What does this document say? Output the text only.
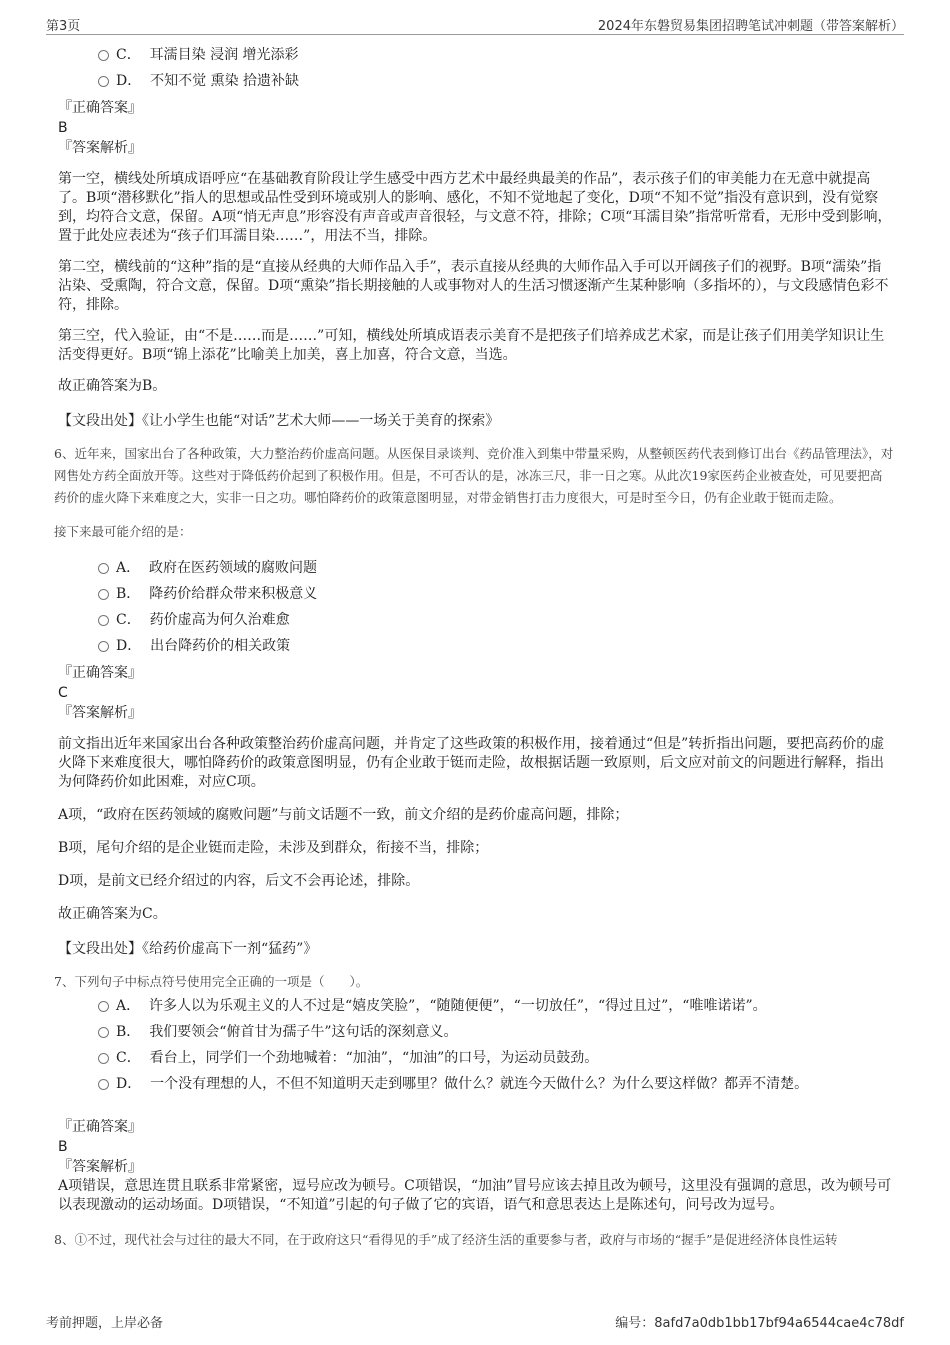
第3页	2024年东磐贸易集团招聘笔试冲刺题（带答案解析）
C． 耳濡目染 浸润 增光添彩
D． 不知不觉 熏染 拾遗补缺
『正确答案』
B
『答案解析』

第一空，横线处所填成语呼应“在基础教育阶段让学生感受中西方艺术中最经典最美的作品”，表示孩子们的审美能力在无意中就提高了。B项“潜移默化”指人的思想或品性受到环境或别人的影响、感化，不知不觉地起了变化，D项“不知不觉”指没有意识到，没有觉察到，均符合文意，保留。A项“悄无声息”形容没有声音或声音很轻，与文意不符，排除；C项“耳濡目染”指常听常看，无形中受到影响，置于此处应表述为“孩子们耳濡目染……”，用法不当，排除。

第二空，横线前的“这种”指的是“直接从经典的大师作品入手”，表示直接从经典的大师作品入手可以开阔孩子们的视野。B项“濡染”指沾染、受熏陶，符合文意，保留。D项“熏染”指长期接触的人或事物对人的生活习惯逐渐产生某种影响（多指坏的），与文段感情色彩不符，排除。

第三空，代入验证，由“不是……而是……”可知，横线处所填成语表示美育不是把孩子们培养成艺术家，而是让孩子们用美学知识让生活变得更好。B项“锦上添花”比喻美上加美，喜上加喜，符合文意，当选。

故正确答案为B。

【文段出处】《让小学生也能“对话”艺术大师——一场关于美育的探索》

6、近年来，国家出台了各种政策，大力整治药价虚高问题。从医保目录谈判、竞价准入到集中带量采购，从整顿医药代表到修订出台《药品管理法》，对网售处方药全面放开等。这些对于降低药价起到了积极作用。但是，不可否认的是，冰冻三尺，非一日之寒。从此次19家医药企业被查处，可见要把高药价的虚火降下来难度之大，实非一日之功。哪怕降药价的政策意图明显，对带金销售打击力度很大，可是时至今日，仍有企业敢于铤而走险。

接下来最可能介绍的是：

A． 政府在医药领域的腐败问题
B． 降药价给群众带来积极意义
C． 药价虚高为何久治难愈
D． 出台降药价的相关政策
『正确答案』
C
『答案解析』

前文指出近年来国家出台各种政策整治药价虚高问题，并肯定了这些政策的积极作用，接着通过“但是”转折指出问题，要把高药价的虚火降下来难度很大，哪怕降药价的政策意图明显，仍有企业敢于铤而走险，故根据话题一致原则，后文应对前文的问题进行解释，指出为何降药价如此困难，对应C项。

A项，“政府在医药领域的腐败问题”与前文话题不一致，前文介绍的是药价虚高问题，排除；

B项，尾句介绍的是企业铤而走险，未涉及到群众，衔接不当，排除；

D项，是前文已经介绍过的内容，后文不会再论述，排除。

故正确答案为C。

【文段出处】《给药价虚高下一剂“猛药”》

7、下列句子中标点符号使用完全正确的一项是（　　）。

A． 许多人以为乐观主义的人不过是“嬉皮笑脸”，“随随便便”，“一切放任”，“得过且过”，“唯唯诺诺”。
B． 我们要领会“俯首甘为孺子牛”这句话的深刻意义。
C． 看台上，同学们一个劲地喊着：“加油”，“加油”的口号，为运动员鼓劲。
D． 一个没有理想的人，不但不知道明天走到哪里？做什么？就连今天做什么？为什么要这样做？都弄不清楚。
『正确答案』
B
『答案解析』

A项错误，意思连贯且联系非常紧密，逗号应改为顿号。C项错误，“加油”冒号应该去掉且改为顿号，这里没有强调的意思，改为顿号可以表现激动的运动场面。D项错误，“不知道”引起的句子做了它的宾语，语气和意思表达上是陈述句，问号改为逗号。

8、①不过，现代社会与过往的最大不同，在于政府这只“看得见的手”成了经济生活的重要参与者，政府与市场的“握手”是促进经济体良性运转

考前押题，上岸必备	编号：8afd7a0db1bb17bf94a6544cae4c78df
